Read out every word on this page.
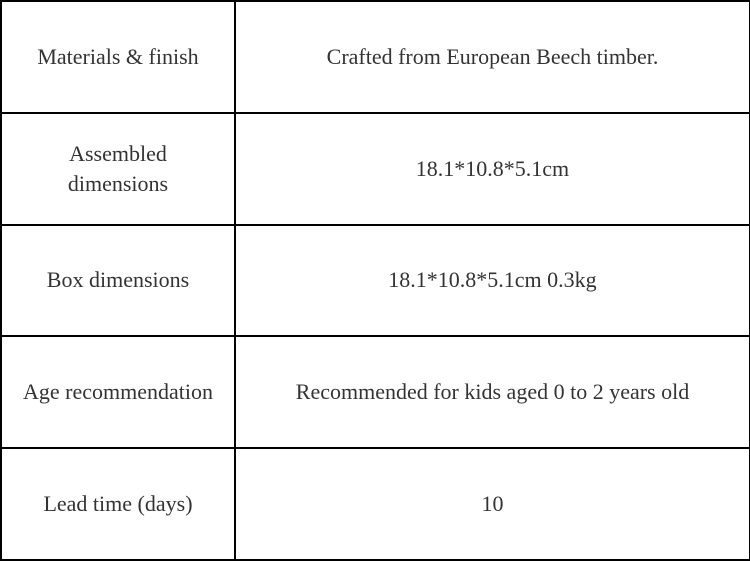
Materials & finish	Crafted from European Beech timber.
Assembled dimensions	18.1*10.8*5.1cm
Box dimensions	18.1*10.8*5.1cm 0.3kg
Age recommendation	Recommended for kids aged 0 to 2 years old
Lead time (days)	10
